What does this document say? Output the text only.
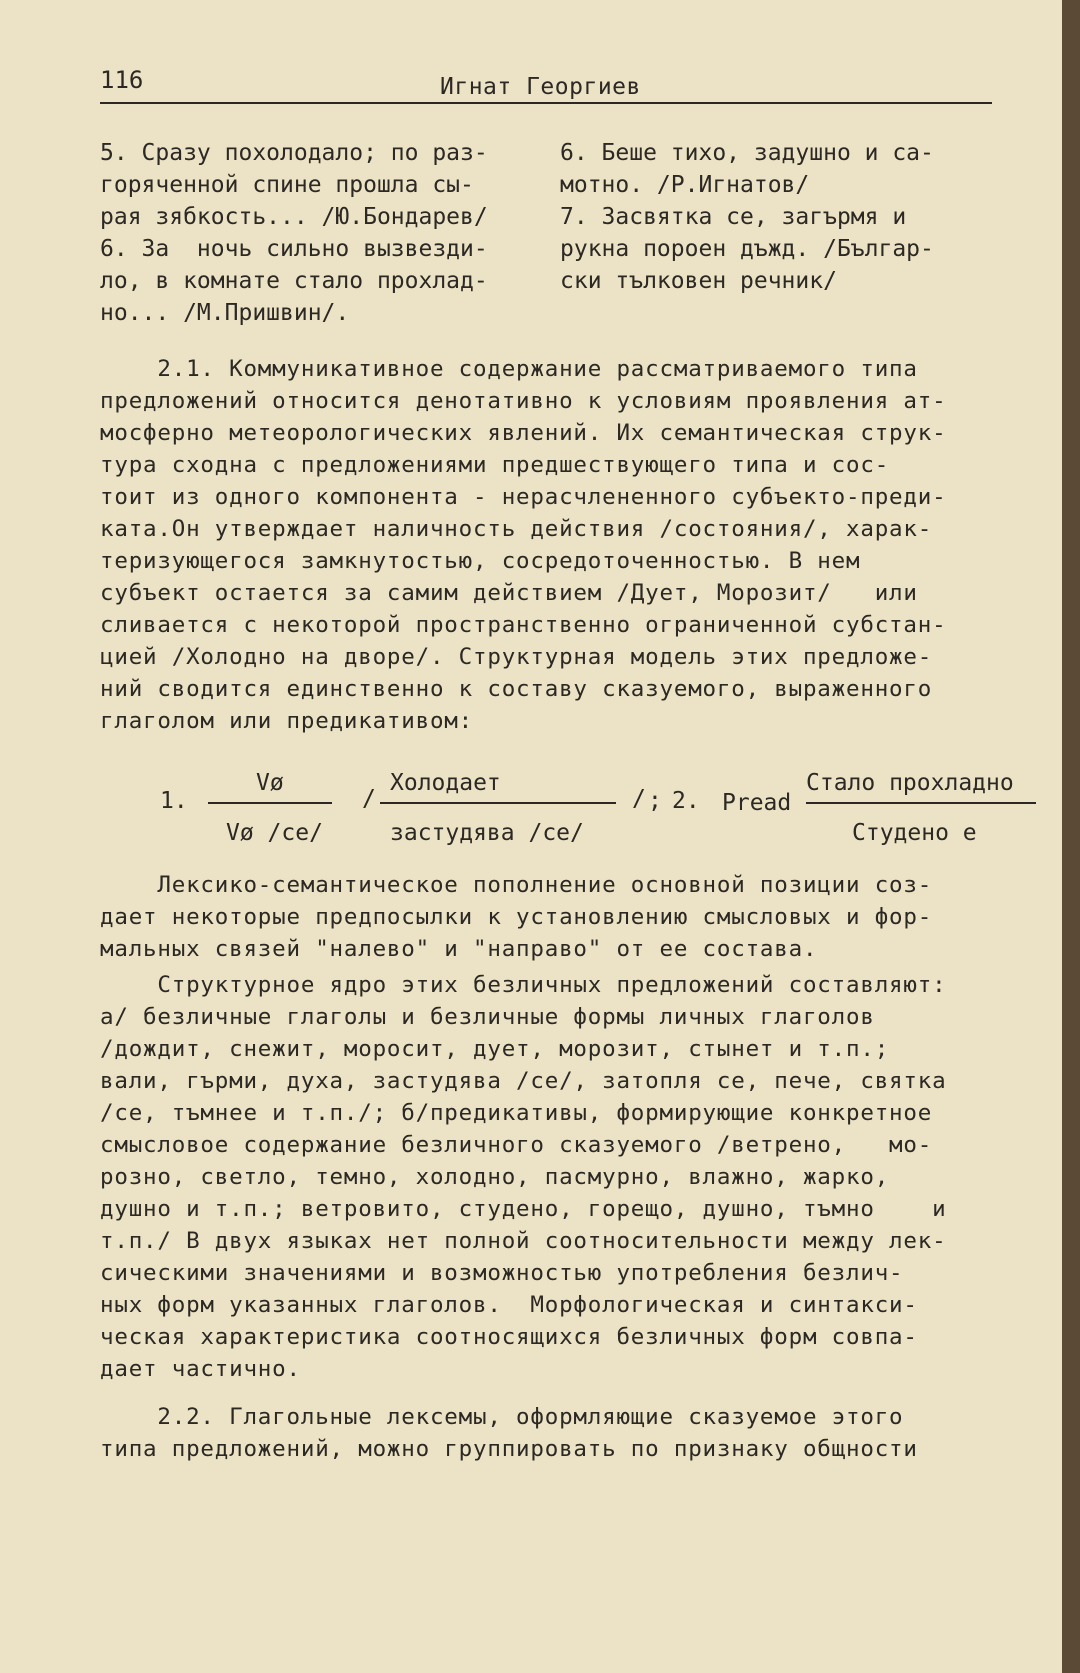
116	Игнат Георгиев
5. Сразу похолодало; по раз-
горяченной спине прошла сы-
рая зябкость... /Ю.Бондарев/
6. За  ночь сильно вызвезди-
ло, в комнате стало прохлад-
но... /М.Пришвин/.
6. Беше тихо, задушно и са-
мотно. /Р.Игнатов/
7. Засвятка се, загърмя и
рукна пороен дъжд. /Българ-
ски тълковен речник/
2.1. Коммуникативное содержание рассматриваемого типа
предложений относится денотативно к условиям проявления ат-
мосферно метеорологических явлений. Их семантическая струк-
тура сходна с предложениями предшествующего типа и сос-
тоит из одного компонента - нерасчлененного субъекто-преди-
ката.Он утверждает наличность действия /состояния/, харак-
теризующегося замкнутостью, сосредоточенностью. В нем
субъект остается за самим действием /Дует, Морозит/   или
сливается с некоторой пространственно ограниченной субстан-
цией /Холодно на дворе/. Структурная модель этих предложе-
ний сводится единственно к составу сказуемого, выраженного
глаголом или предикативом:
1.
Vø
Vø /се/
/
Холодает
застудява /се/
/ ; 2. Pread
Стало прохладно
Студено е
Лексико-семантическое пополнение основной позиции соз-
дает некоторые предпосылки к установлению смысловых и фор-
мальных связей "налево" и "направо" от ее состава.
Структурное ядро этих безличных предложений составляют:
а/ безличные глаголы и безличные формы личных глаголов
/дождит, снежит, моросит, дует, морозит, стынет и т.п.;
вали, гърми, духа, застудява /се/, затопля се, пече, святка
/се, тъмнее и т.п./; б/предикативы, формирующие конкретное
смысловое содержание безличного сказуемого /ветрено,   мо-
розно, светло, темно, холодно, пасмурно, влажно, жарко,
душно и т.п.; ветровито, студено, горещо, душно, тъмно    и
т.п./ В двух языках нет полной соотносительности между лек-
сическими значениями и возможностью употребления безлич-
ных форм указанных глаголов.  Морфологическая и синтакси-
ческая характеристика соотносящихся безличных форм совпа-
дает частично.
2.2. Глагольные лексемы, оформляющие сказуемое этого
типа предложений, можно группировать по признаку общности
